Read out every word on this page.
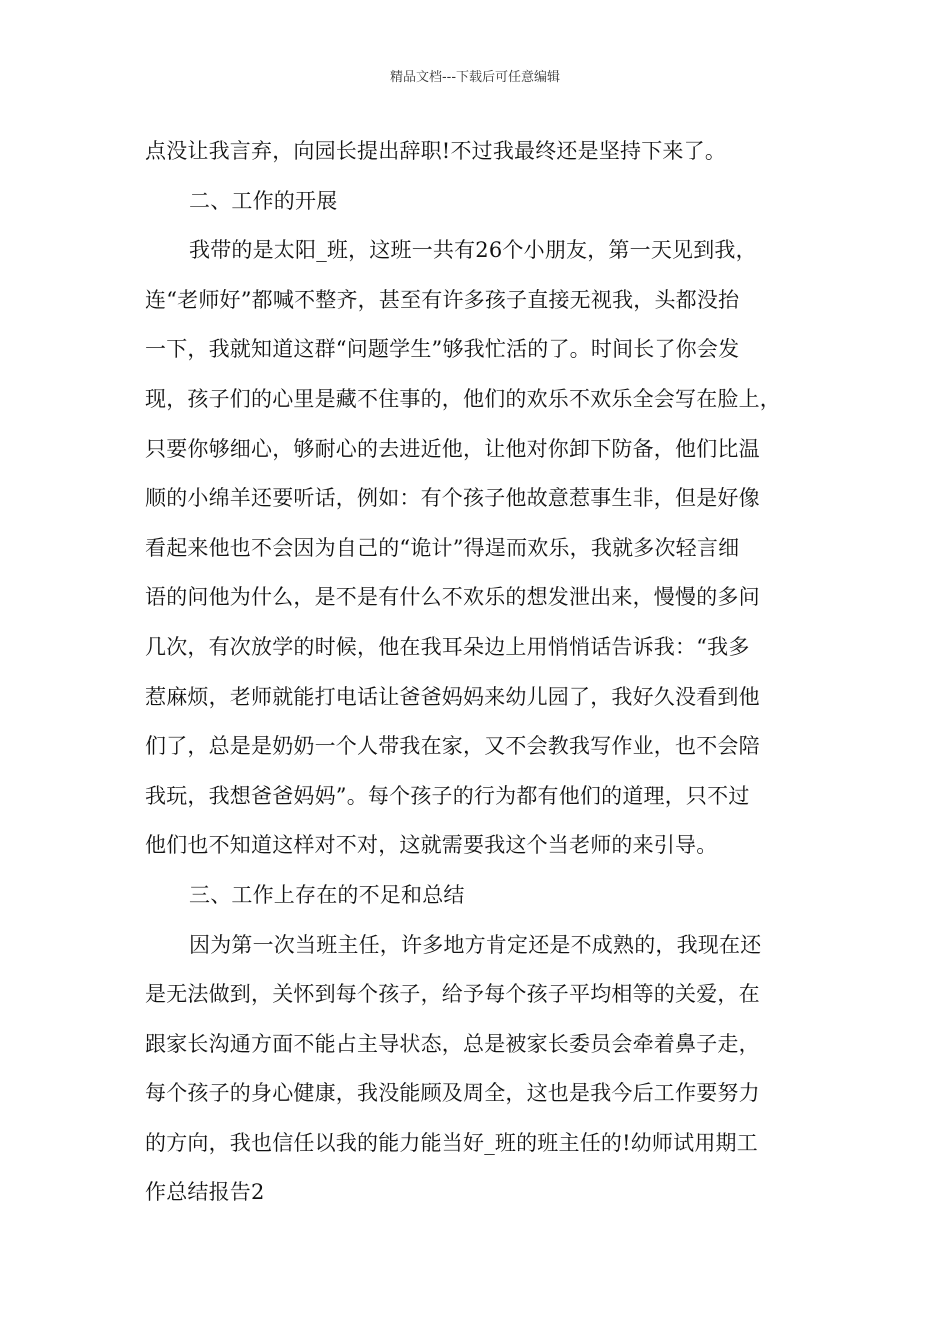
精品文档---下载后可任意编辑
点没让我言弃，向园长提出辞职!不过我最终还是坚持下来了。
二、工作的开展
我带的是太阳_班，这班一共有26个小朋友，第一天见到我，
连“老师好”都喊不整齐，甚至有许多孩子直接无视我，头都没抬
一下，我就知道这群“问题学生”够我忙活的了。时间长了你会发
现，孩子们的心里是藏不住事的，他们的欢乐不欢乐全会写在脸上，
只要你够细心，够耐心的去进近他，让他对你卸下防备，他们比温
顺的小绵羊还要听话，例如：有个孩子他故意惹事生非，但是好像
看起来他也不会因为自己的“诡计”得逞而欢乐，我就多次轻言细
语的问他为什么，是不是有什么不欢乐的想发泄出来，慢慢的多问
几次，有次放学的时候，他在我耳朵边上用悄悄话告诉我：“我多
惹麻烦，老师就能打电话让爸爸妈妈来幼儿园了，我好久没看到他
们了，总是是奶奶一个人带我在家，又不会教我写作业，也不会陪
我玩，我想爸爸妈妈”。每个孩子的行为都有他们的道理，只不过
他们也不知道这样对不对，这就需要我这个当老师的来引导。
三、工作上存在的不足和总结
因为第一次当班主任，许多地方肯定还是不成熟的，我现在还
是无法做到，关怀到每个孩子，给予每个孩子平均相等的关爱，在
跟家长沟通方面不能占主导状态，总是被家长委员会牵着鼻子走，
每个孩子的身心健康，我没能顾及周全，这也是我今后工作要努力
的方向，我也信任以我的能力能当好_班的班主任的!幼师试用期工
作总结报告2
